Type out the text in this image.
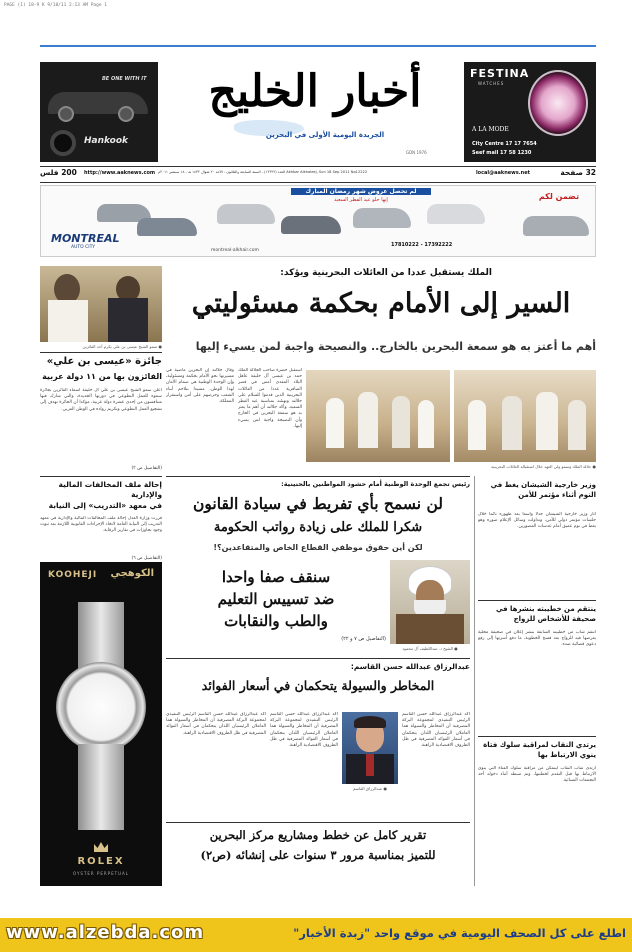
PAGE (1) 18-9 K 9/18/11 2:13 AM Page 1
BE ONE WITH IT
Hankook
أخبار الخليج
الجريدة اليومية الأولى في البحرين
GDN 1976
FESTINA
WATCHES
A LA MODE
City Centre 17 17 7654
Seef mall 17 58 1230
32 صفحة
local@aaknews.net
العدد (١٢٢٢٢) - السنة السابعة والثلاثون - الأحد ٢٠ شوال ١٤٣٢ هـ - ١٨ سبتمبر ٢٠١١م Akhbar Alkhaleej, Sun 18 Sep 2011 No12222
http://www.aaknews.com
200 فلس
MONTREAL
AUTO CITY
لم تحصل عروض شهر رمضان المبارك
إنها حلو عيد الفطر السعيد	تضمن لكم
17810222 - 17392222
montreal-alkhair.com
الملك يستقبل عددا من العائلات البحرينية ويؤكد:
السير إلى الأمام بحكمة مسئوليتي
أهم ما أعتز به هو سمعة البحرين بالخارج.. والنصيحة واجبة لمن يسيء إليها
● سمو الشيخ عيسى بن علي يكرم أحد الفائزين
● جلالة الملك وسمو ولي العهد خلال استقباله العائلات البحرينية
استقبل حضرة صاحب الجلالة الملك حمد بن عيسى آل خليفة عاهل البلاد المفدى أمس في قصر الصافرية عددا من العائلات البحرينية الذين قدموا للسلام على جلالته وتهنئته بمناسبة عيد الفطر السعيد، وأكد جلالته أن أهم ما يعتز به هو سمعة البحرين في الخارج وأن النصيحة واجبة لمن يسيء إليها.
وقال جلالته إن البحرين ماضية في مسيرتها نحو الأمام بحكمة ومسئولية، وإن الوحدة الوطنية هي صمام الأمان لهذا الوطن، مشيدا بتلاحم أبناء الشعب وحرصهم على أمن واستقرار المملكة.
جائزة «عيسى بن علي»
الفائزون بها من ١١ دولة عربية
أعلن سمو الشيخ عيسى بن علي آل خليفة أسماء الفائزين بجائزة سموه للعمل التطوعي في دورتها الجديدة، والتي شارك فيها متنافسون من إحدى عشرة دولة عربية، مؤكدا أن الجائزة تهدف إلى تشجيع العمل التطوعي وتكريم رواده في الوطن العربي.
(التفاصيل ص ٣)
إحالة ملف المخالفات المالية والإدارية
في معهد «التدريب» إلى النيابة
قررت وزارة العدل إحالة ملف المخالفات المالية والإدارية في معهد التدريب إلى النيابة العامة لاتخاذ الإجراءات القانونية اللازمة بعد ثبوت وجود تجاوزات في تقارير الرقابة.
(التفاصيل ص ٦)
رئيس تجمع الوحدة الوطنية أمام حشود المواطنين بالحنينية:
لن نسمح بأي تفريط في سيادة القانون
شكرا للملك على زيادة رواتب الحكومة
لكن أين حقوق موظفي القطاع الخاص والمتقاعدين؟!
● الشيخ د. عبداللطيف آل محمود
سنقف صفا واحدا
ضد تسييس التعليم
والطب والنقابات
(التفاصيل ص ٧ و ٢٢)
عبدالرزاق عبدالله حسن القاسم:
المخاطر والسيولة يتحكمان في أسعار الفوائد
● عبدالرزاق القاسم
أكد عبدالرزاق عبدالله حسن القاسم الرئيس التنفيذي لمجموعة البركة المصرفية أن المخاطر والسيولة هما العاملان الرئيسيان اللذان يتحكمان في أسعار الفوائد المصرفية في ظل الظروف الاقتصادية الراهنة.
أكد عبدالرزاق عبدالله حسن القاسم الرئيس التنفيذي لمجموعة البركة المصرفية أن المخاطر والسيولة هما العاملان الرئيسيان اللذان يتحكمان في أسعار الفوائد المصرفية في ظل الظروف الاقتصادية الراهنة.
أكد عبدالرزاق عبدالله حسن القاسم الرئيس التنفيذي لمجموعة البركة المصرفية أن المخاطر والسيولة هما العاملان الرئيسيان اللذان يتحكمان في أسعار الفوائد المصرفية في ظل الظروف الاقتصادية الراهنة.
تقرير كامل عن خطط ومشاريع مركز البحرين
للتميز بمناسبة مرور ٣ سنوات على إنشائه (ص٢)
وزير خارجية الشيشان يغط في النوم أثناء مؤتمر للأمن
أثار وزير خارجية الشيشان جدلا واسعا بعد ظهوره نائما خلال جلسات مؤتمر دولي للأمن، وتداولت وسائل الإعلام صوره وهو يغط في نوم عميق أمام عدسات المصورين.
ينتقم من خطيبته بنشرها في صحيفة للأشخاص للزواج
انتقم شاب من خطيبته السابقة بنشر إعلان في صحيفة محلية يعرضها فيه للزواج بعد فسخ الخطوبة، ما دفع أسرتها إلى رفع دعوى قضائية ضده.
يرتدي النقاب لمراقبة سلوك فتاة ينوي الارتباط بها
ارتدى شاب النقاب ليتمكن من مراقبة سلوك الفتاة التي ينوي الارتباط بها قبل التقدم لخطبتها، وتم ضبطه أثناء دخوله أحد التجمعات النسائية.
KOOHEJI الكوهجي
ROLEX
OYSTER PERPETUAL
www.alzebda.com	اطلع على كل الصحف اليومية في موقع واحد "زبدة الأخبار"
